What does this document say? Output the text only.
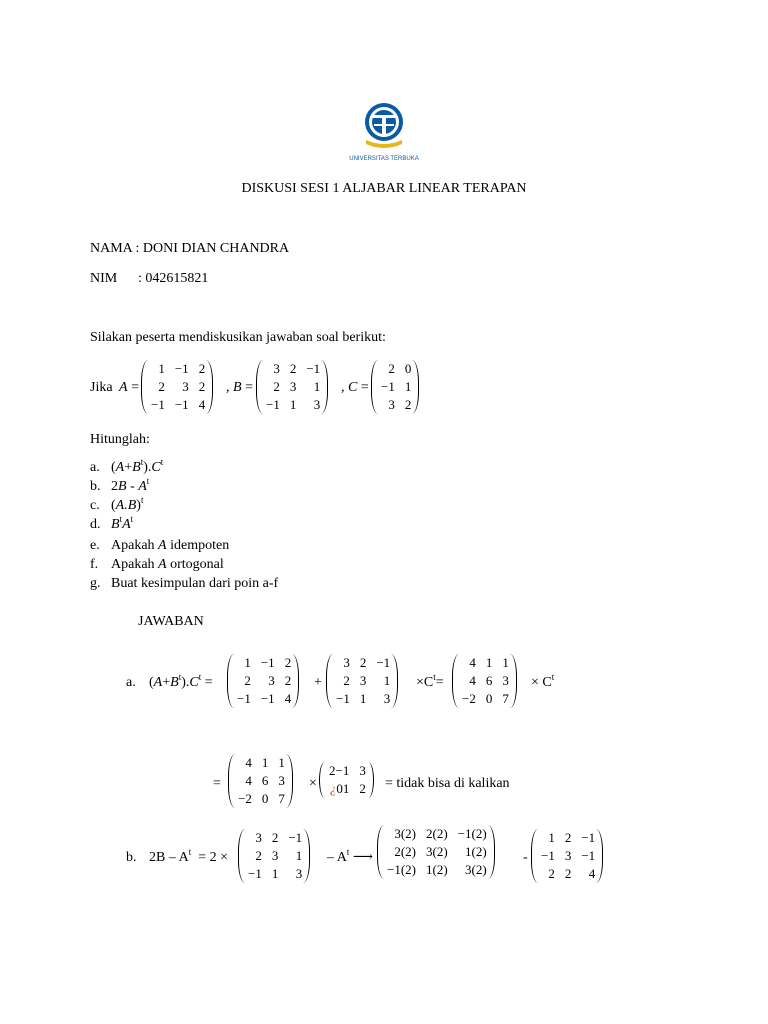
UNIVERSITAS TERBUKA
DISKUSI SESI 1 ALJABAR LINEAR TERAPAN
NAMA : DONI DIAN CHANDRA
NIM : 042615821
Silakan peserta mendiskusikan jawaban soal berikut:
Jika A =
1	−1	2
2	3	2
−1	−1	4
, B =
3	2	−1
2	3	1
−1	1	3
, C =
2	0
−1	1
3	2
Hitunglah:
a. $(A+B^t).C^t$
b. $2B - A^t$
c. $(A.B)^t$
d. $B^tA^t$
e. Apakah A idempoten
f. Apakah A ortogonal
g. Buat kesimpulan dari poin a-f
JAWABAN
a. $(A+B^t).C^t$ =
1	−1	2
2	3	2
−1	−1	4
+
3	2	−1
2	3	1
−1	1	3
$\times C^t=$
4	1	1
4	6	3
−2	0	7
× $C^t$
=
4	1	1
4	6	3
−2	0	7
×
2−1	3
¿01	2 = tidak bisa di kalikan
b. $2B - A^t = 2$ ×
3	2	−1
2	3	1
−1	1	3
– $A^t$ ⟶
3(2)	2(2)	−1(2)
2(2)	3(2)	1(2)
−1(2)	1(2)	3(2)
-
1	2	−1
−1	3	−1
2	2	4
